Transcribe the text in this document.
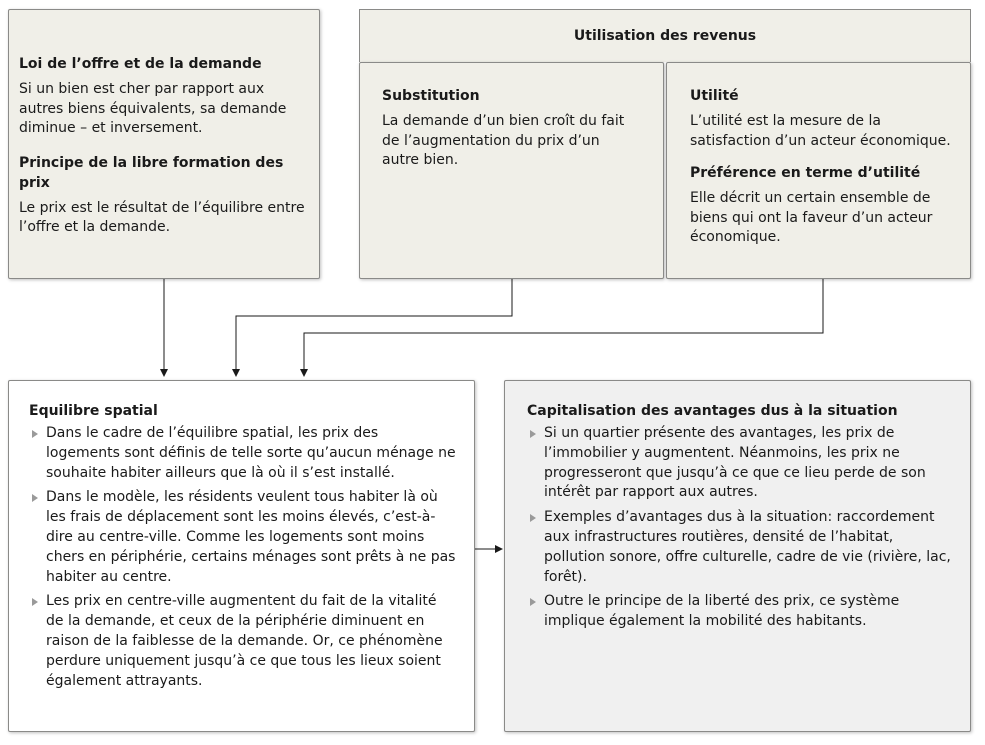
Loi de l’offre et de la demande

Si un bien est cher par rapport aux autres biens équivalents, sa demande diminue – et inversement.

Principe de la libre formation des prix

Le prix est le résultat de l’équilibre entre l’offre et la demande.

Utilisation des revenus
Substitution

La demande d’un bien croît du fait de l’augmentation du prix d’un autre bien.

Utilité

L’utilité est la mesure de la satisfaction d’un acteur économique.

Préférence en terme d’utilité

Elle décrit un certain ensemble de biens qui ont la faveur d’un acteur économique.

Equilibre spatial
Dans le cadre de l’équilibre spatial, les prix des logements sont définis de telle sorte qu’aucun ménage ne souhaite habiter ailleurs que là où il s’est installé.
Dans le modèle, les résidents veulent tous habiter là où les frais de déplacement sont les moins élevés, c’est-à-dire au centre-ville. Comme les logements sont moins chers en périphérie, certains ménages sont prêts à ne pas habiter au centre.
Les prix en centre-ville augmentent du fait de la vitalité de la demande, et ceux de la périphérie diminuent en raison de la faiblesse de la demande. Or, ce phénomène perdure uniquement jusqu’à ce que tous les lieux soient également attrayants.
Capitalisation des avantages dus à la situation
Si un quartier présente des avantages, les prix de l’immobilier y augmentent. Néanmoins, les prix ne progresseront que jusqu’à ce que ce lieu perde de son intérêt par rapport aux autres.
Exemples d’avantages dus à la situation: raccordement aux infrastructures routières, densité de l’habitat, pollution sonore, offre culturelle, cadre de vie (rivière, lac, forêt).
Outre le principe de la liberté des prix, ce système implique également la mobilité des habitants.
